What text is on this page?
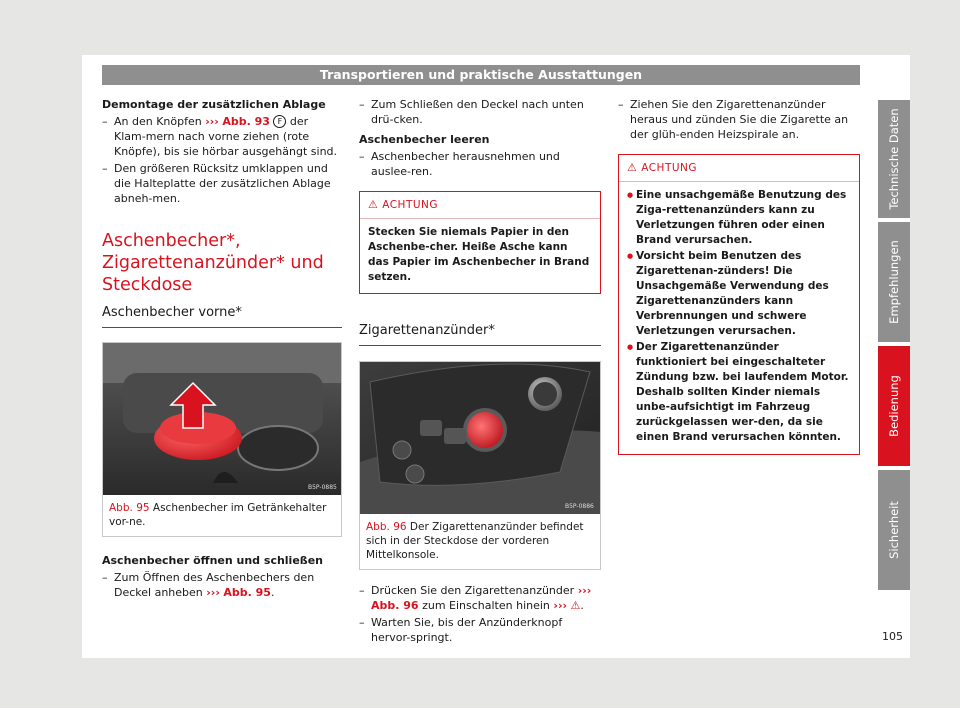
Transportieren und praktische Ausstattungen
Demontage der zusätzlichen Ablage
– An den Knöpfen ››› Abb. 93 F der Klam-mern nach vorne ziehen (rote Knöpfe), bis sie hörbar ausgehängt sind.
– Den größeren Rücksitz umklappen und die Halteplatte der zusätzlichen Ablage abneh-men.
Aschenbecher*,
Zigarettenanzünder* und
Steckdose
Aschenbecher vorne*
B5P-0885
Abb. 95 Aschenbecher im Getränkehalter vor-ne.
Aschenbecher öffnen und schließen
– Zum Öffnen des Aschenbechers den Deckel anheben ››› Abb. 95.
– Zum Schließen den Deckel nach unten drü-cken.
Aschenbecher leeren
– Aschenbecher herausnehmen und auslee-ren.
⚠ ACHTUNG
Stecken Sie niemals Papier in den Aschenbe-cher. Heiße Asche kann das Papier im Aschenbecher in Brand setzen.
Zigarettenanzünder*
B5P-0886
Abb. 96 Der Zigarettenanzünder befindet sich in der Steckdose der vorderen Mittelkonsole.
– Drücken Sie den Zigarettenanzünder ››› Abb. 96 zum Einschalten hinein ››› ⚠.
– Warten Sie, bis der Anzünderknopf hervor-springt.
– Ziehen Sie den Zigarettenanzünder heraus und zünden Sie die Zigarette an der glüh-enden Heizspirale an.
⚠ ACHTUNG
● Eine unsachgemäße Benutzung des Ziga-rettenanzünders kann zu Verletzungen führen oder einen Brand verursachen.
● Vorsicht beim Benutzen des Zigarettenan-zünders! Die Unsachgemäße Verwendung des Zigarettenanzünders kann Verbrennungen und schwere Verletzungen verursachen.
● Der Zigarettenanzünder funktioniert bei eingeschalteter Zündung bzw. bei laufendem Motor. Deshalb sollten Kinder niemals unbe-aufsichtigt im Fahrzeug zurückgelassen wer-den, da sie einen Brand verursachen könnten.
Technische Daten
Empfehlungen
Bedienung
Sicherheit
105
